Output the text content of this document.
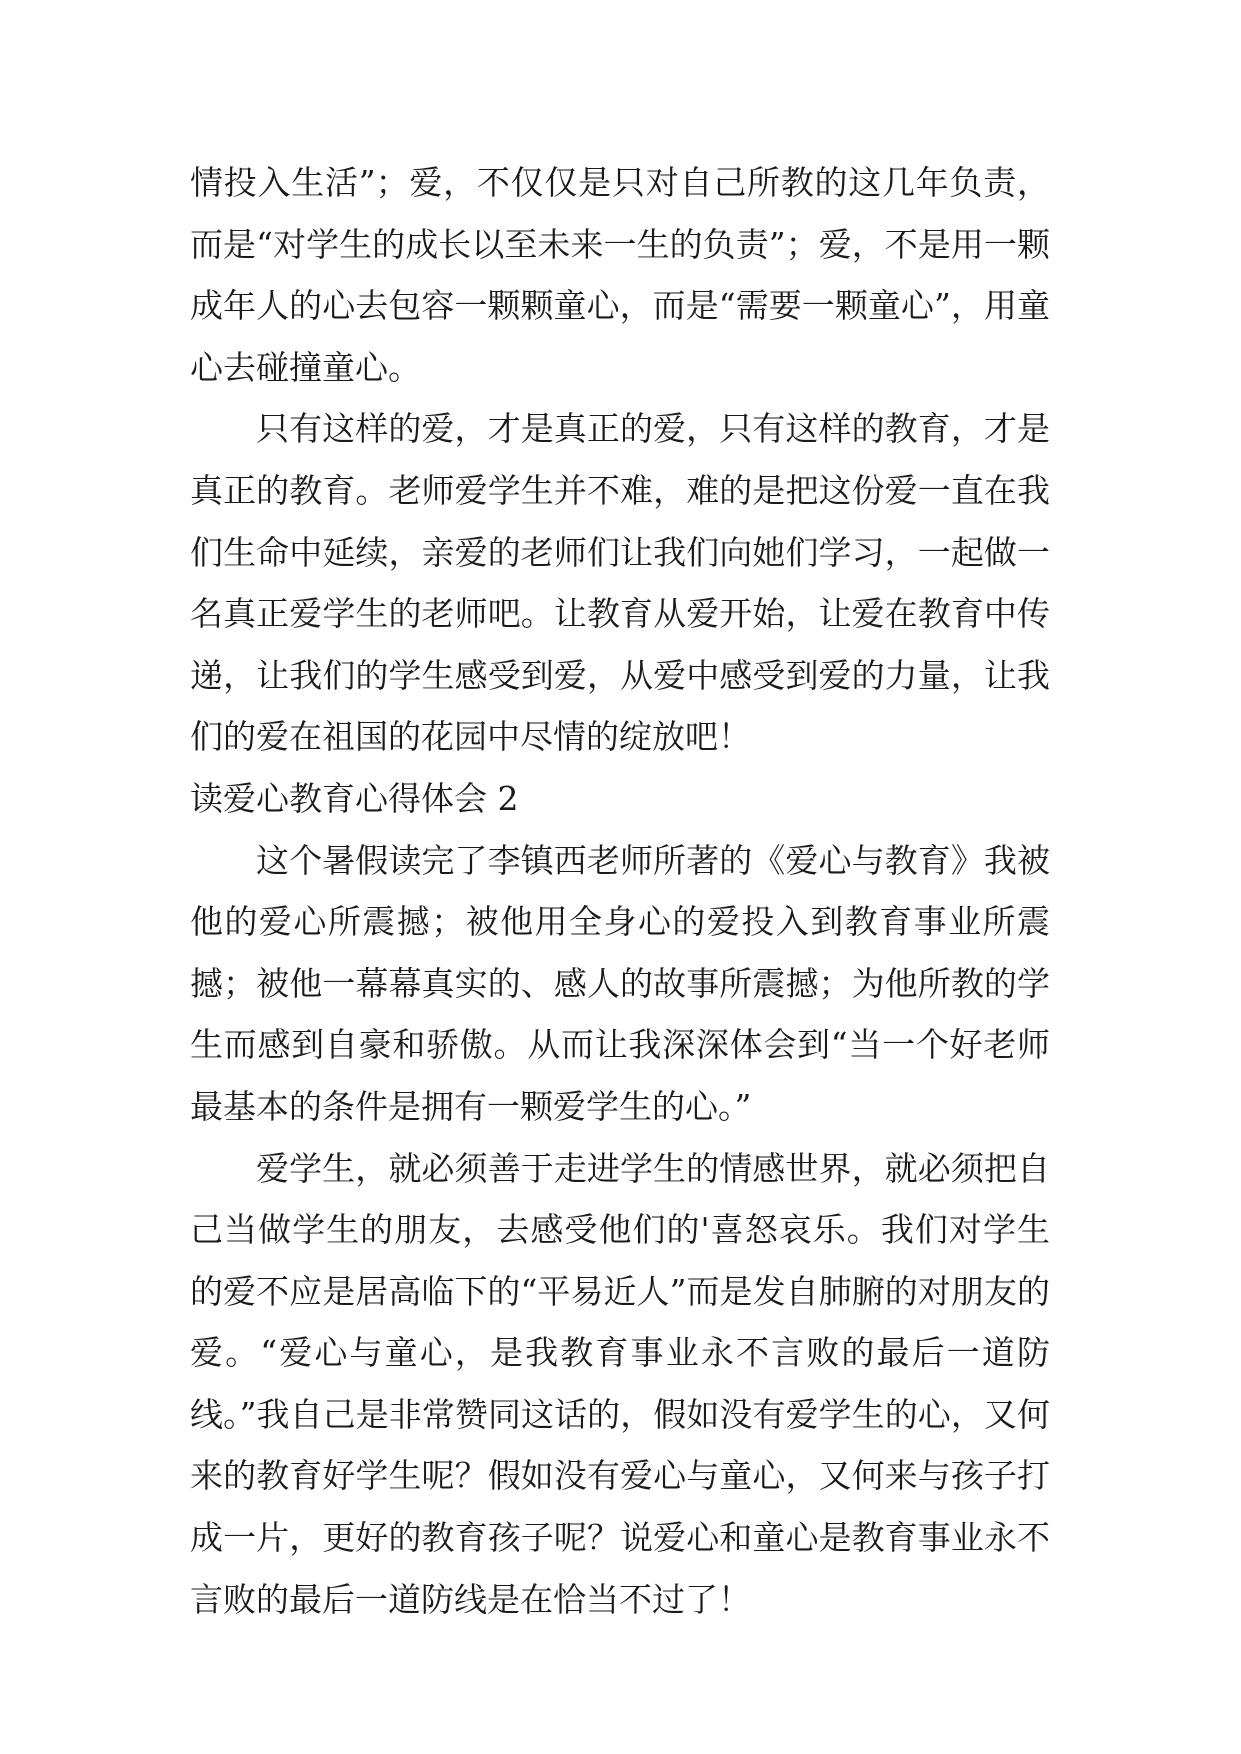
情投入生活”；爱，不仅仅是只对自己所教的这几年负责，而是“对学生的成长以至未来一生的负责”；爱，不是用一颗成年人的心去包容一颗颗童心，而是“需要一颗童心”，用童心去碰撞童心。

只有这样的爱，才是真正的爱，只有这样的教育，才是真正的教育。老师爱学生并不难，难的是把这份爱一直在我们生命中延续，亲爱的老师们让我们向她们学习，一起做一名真正爱学生的老师吧。让教育从爱开始，让爱在教育中传递，让我们的学生感受到爱，从爱中感受到爱的力量，让我们的爱在祖国的花园中尽情的绽放吧！

读爱心教育心得体会 2

这个暑假读完了李镇西老师所著的《爱心与教育》我被他的爱心所震撼；被他用全身心的爱投入到教育事业所震撼；被他一幕幕真实的、感人的故事所震撼；为他所教的学生而感到自豪和骄傲。从而让我深深体会到“当一个好老师最基本的条件是拥有一颗爱学生的心。”

爱学生，就必须善于走进学生的情感世界，就必须把自己当做学生的朋友，去感受他们的'喜怒哀乐。我们对学生的爱不应是居高临下的“平易近人”而是发自肺腑的对朋友的爱。“爱心与童心，是我教育事业永不言败的最后一道防线。”我自己是非常赞同这话的，假如没有爱学生的心，又何来的教育好学生呢？假如没有爱心与童心，又何来与孩子打成一片，更好的教育孩子呢？说爱心和童心是教育事业永不言败的最后一道防线是在恰当不过了！
